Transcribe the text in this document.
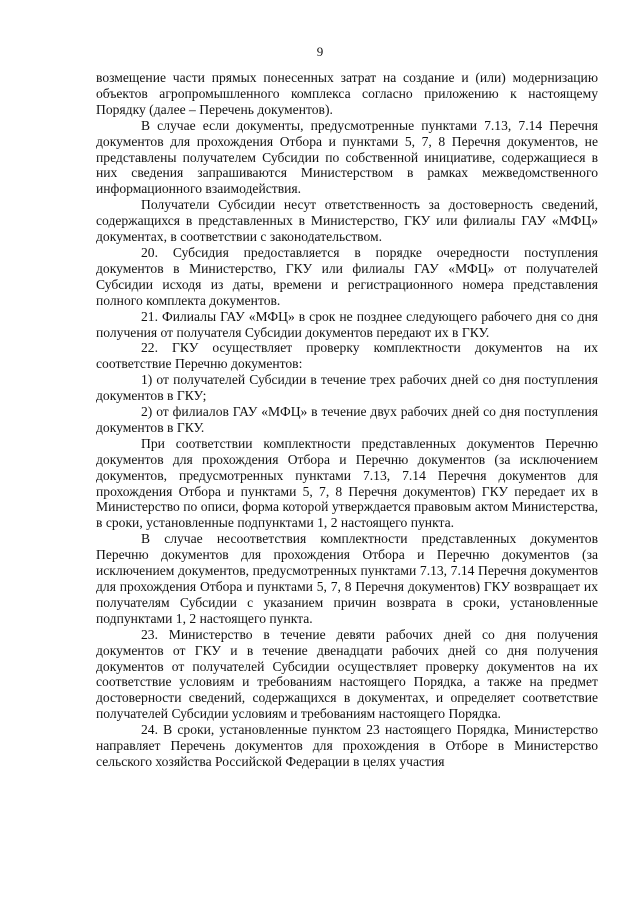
9

возмещение части прямых понесенных затрат на создание и (или) модернизацию объектов агропромышленного комплекса согласно приложению к настоящему Порядку (далее – Перечень документов).

В случае если документы, предусмотренные пунктами 7.13, 7.14 Перечня документов для прохождения Отбора и пунктами 5, 7, 8 Перечня документов, не представлены получателем Субсидии по собственной инициативе, содержащиеся в них сведения запрашиваются Министерством в рамках межведомственного информационного взаимодействия.

Получатели Субсидии несут ответственность за достоверность сведений, содержащихся в представленных в Министерство, ГКУ или филиалы ГАУ «МФЦ» документах, в соответствии с законодательством.

20. Субсидия предоставляется в порядке очередности поступления документов в Министерство, ГКУ или филиалы ГАУ «МФЦ» от получателей Субсидии исходя из даты, времени и регистрационного номера представления полного комплекта документов.

21. Филиалы ГАУ «МФЦ» в срок не позднее следующего рабочего дня со дня получения от получателя Субсидии документов передают их в ГКУ.

22. ГКУ осуществляет проверку комплектности документов на их соответствие Перечню документов:

1) от получателей Субсидии в течение трех рабочих дней со дня поступления документов в ГКУ;

2) от филиалов ГАУ «МФЦ» в течение двух рабочих дней со дня поступления документов в ГКУ.

При соответствии комплектности представленных документов Перечню документов для прохождения Отбора и Перечню документов (за исключением документов, предусмотренных пунктами 7.13, 7.14 Перечня документов для прохождения Отбора и пунктами 5, 7, 8 Перечня документов) ГКУ передает их в Министерство по описи, форма которой утверждается правовым актом Министерства, в сроки, установленные подпунктами 1, 2 настоящего пункта.

В случае несоответствия комплектности представленных документов Перечню документов для прохождения Отбора и Перечню документов (за исключением документов, предусмотренных пунктами 7.13, 7.14 Перечня документов для прохождения Отбора и пунктами 5, 7, 8 Перечня документов) ГКУ возвращает их получателям Субсидии с указанием причин возврата в сроки, установленные подпунктами 1, 2 настоящего пункта.

23. Министерство в течение девяти рабочих дней со дня получения документов от ГКУ и в течение двенадцати рабочих дней со дня получения документов от получателей Субсидии осуществляет проверку документов на их соответствие условиям и требованиям настоящего Порядка, а также на предмет достоверности сведений, содержащихся в документах, и определяет соответствие получателей Субсидии условиям и требованиям настоящего Порядка.

24. В сроки, установленные пунктом 23 настоящего Порядка, Министерство направляет Перечень документов для прохождения в Отборе в Министерство сельского хозяйства Российской Федерации в целях участия
